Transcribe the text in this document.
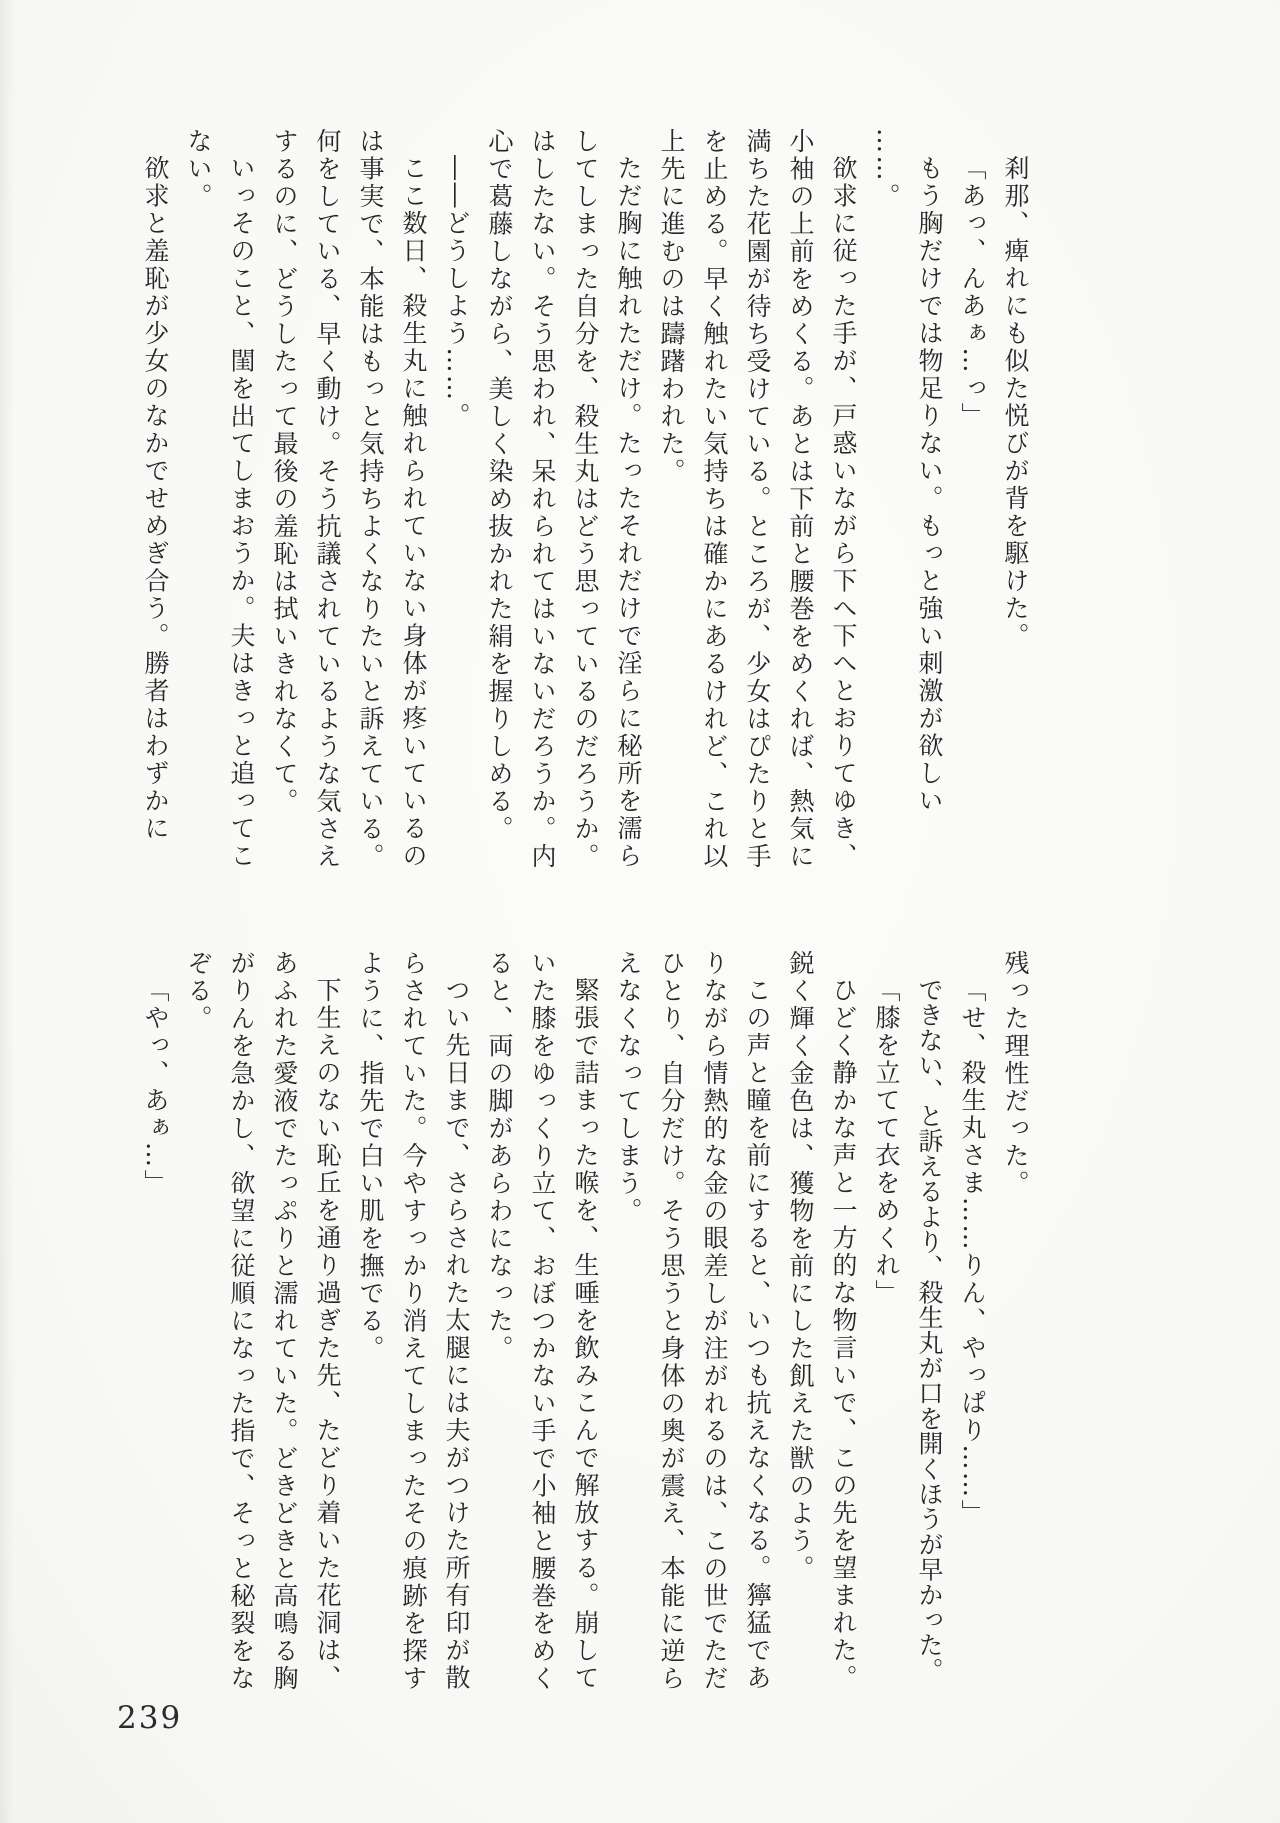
刹那、痺れにも似た悦びが背を駆けた。
「あっ、んあぁ…っ」
もう胸だけでは物足りない。もっと強い刺激が欲しい
……。
欲求に従った手が、戸惑いながら下へ下へとおりてゆき、
小袖の上前をめくる。あとは下前と腰巻をめくれば、熱気に
満ちた花園が待ち受けている。ところが、少女はぴたりと手
を止める。早く触れたい気持ちは確かにあるけれど、これ以
上先に進むのは躊躇われた。
ただ胸に触れただけ。たったそれだけで淫らに秘所を濡ら
してしまった自分を、殺生丸はどう思っているのだろうか。
はしたない。そう思われ、呆れられてはいないだろうか。内
心で葛藤しながら、美しく染め抜かれた絹を握りしめる。
――どうしよう……。
ここ数日、殺生丸に触れられていない身体が疼いているの
は事実で、本能はもっと気持ちよくなりたいと訴えている。
何をしている、早く動け。そう抗議されているような気さえ
するのに、どうしたって最後の羞恥は拭いきれなくて。
いっそのこと、閨を出てしまおうか。夫はきっと追ってこ
ない。
欲求と羞恥が少女のなかでせめぎ合う。勝者はわずかに
残った理性だった。
「せ、殺生丸さま……りん、やっぱり……」
できない、と訴えるより、殺生丸が口を開くほうが早かった。
「膝を立てて衣をめくれ」
ひどく静かな声と一方的な物言いで、この先を望まれた。
鋭く輝く金色は、獲物を前にした飢えた獣のよう。
この声と瞳を前にすると、いつも抗えなくなる。獰猛であ
りながら情熱的な金の眼差しが注がれるのは、この世でただ
ひとり、自分だけ。そう思うと身体の奥が震え、本能に逆ら
えなくなってしまう。
緊張で詰まった喉を、生唾を飲みこんで解放する。崩して
いた膝をゆっくり立て、おぼつかない手で小袖と腰巻をめく
ると、両の脚があらわになった。
つい先日まで、さらされた太腿には夫がつけた所有印が散
らされていた。今やすっかり消えてしまったその痕跡を探す
ように、指先で白い肌を撫でる。
下生えのない恥丘を通り過ぎた先、たどり着いた花洞は、
あふれた愛液でたっぷりと濡れていた。どきどきと高鳴る胸
がりんを急かし、欲望に従順になった指で、そっと秘裂をな
ぞる。
「やっ、あぁ…」
239
